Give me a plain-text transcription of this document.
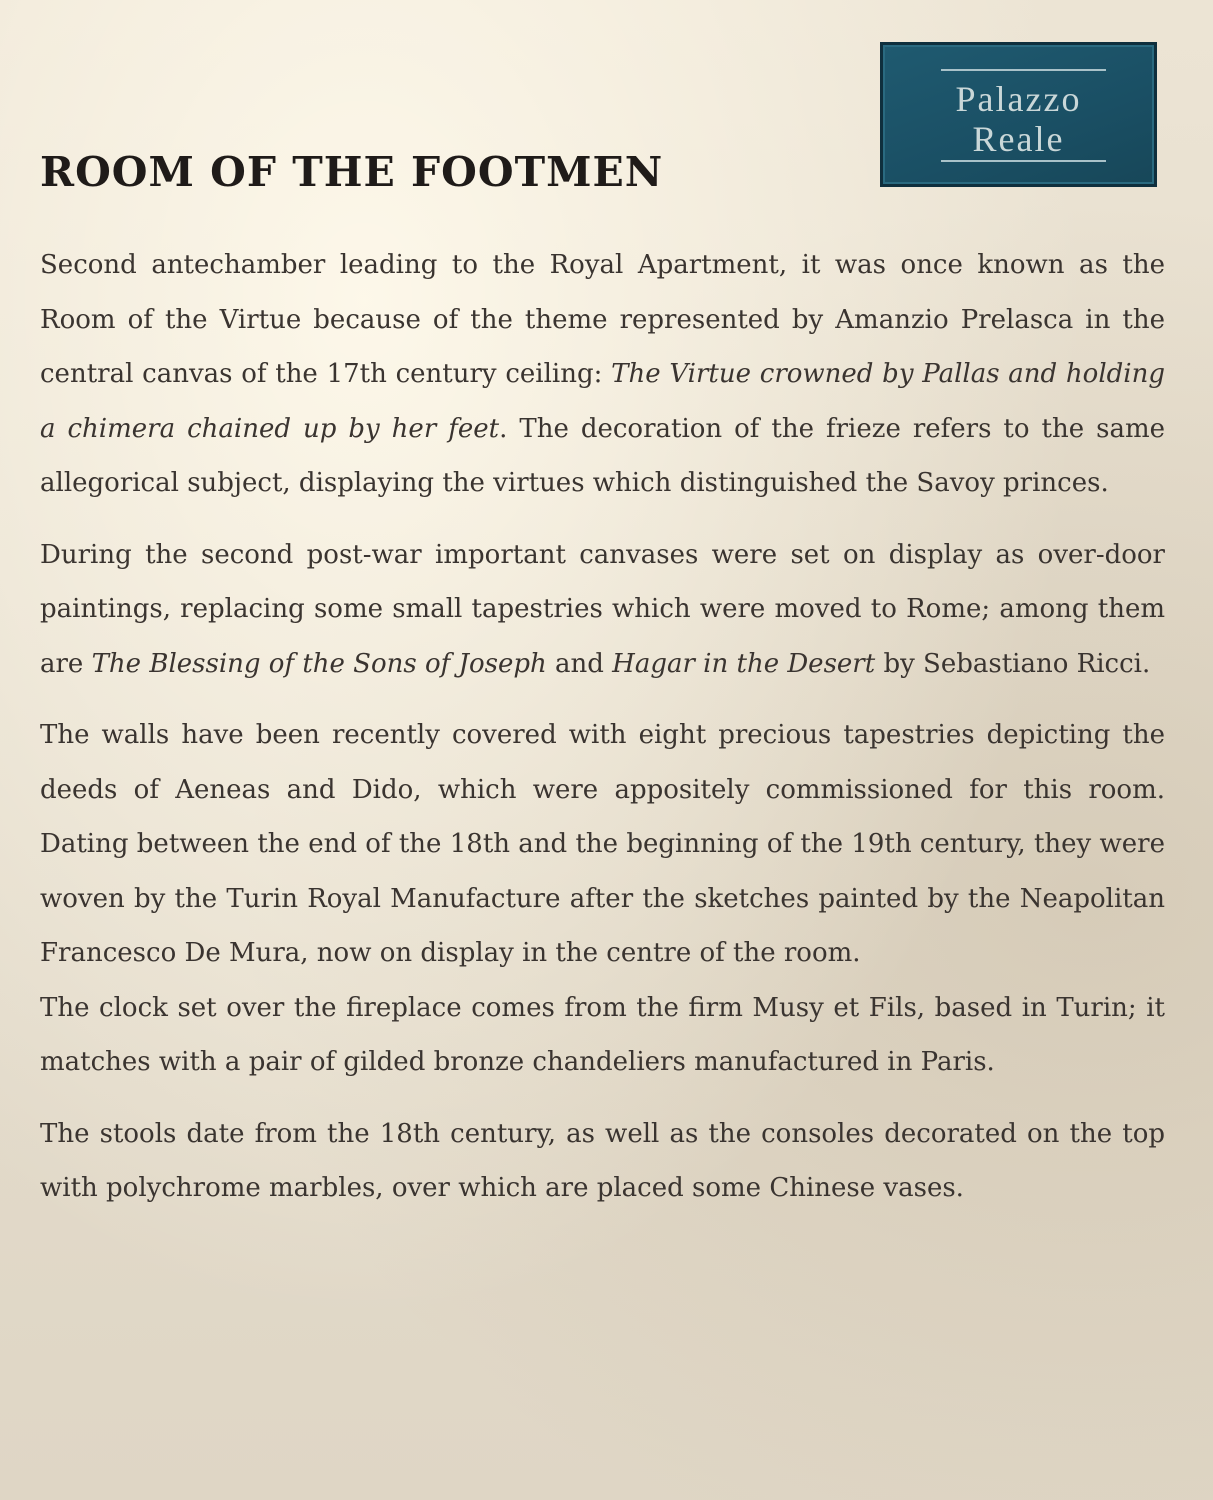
Palazzo
Reale
ROOM OF THE FOOTMEN

Second antechamber leading to the Royal Apartment, it was once known as the Room of the Virtue because of the theme represented by Amanzio Prelasca in the central canvas of the 17th century ceiling: The Virtue crowned by Pallas and holding a chimera chained up by her feet. The decoration of the frieze refers to the same allegorical subject, displaying the virtues which distinguished the Savoy princes.

During the second post-war important canvases were set on display as over-door paintings, replacing some small tapestries which were moved to Rome; among them are The Blessing of the Sons of Joseph and Hagar in the Desert by Sebastiano Ricci.

The walls have been recently covered with eight precious tapestries depicting the deeds of Aeneas and Dido, which were appositely commissioned for this room. Dating between the end of the 18th and the beginning of the 19th century, they were woven by the Turin Royal Manufacture after the sketches painted by the Neapolitan Francesco De Mura, now on display in the centre of the room.

The clock set over the fireplace comes from the firm Musy et Fils, based in Turin; it matches with a pair of gilded bronze chandeliers manufactured in Paris.

The stools date from the 18th century, as well as the consoles decorated on the top with polychrome marbles, over which are placed some Chinese vases.
